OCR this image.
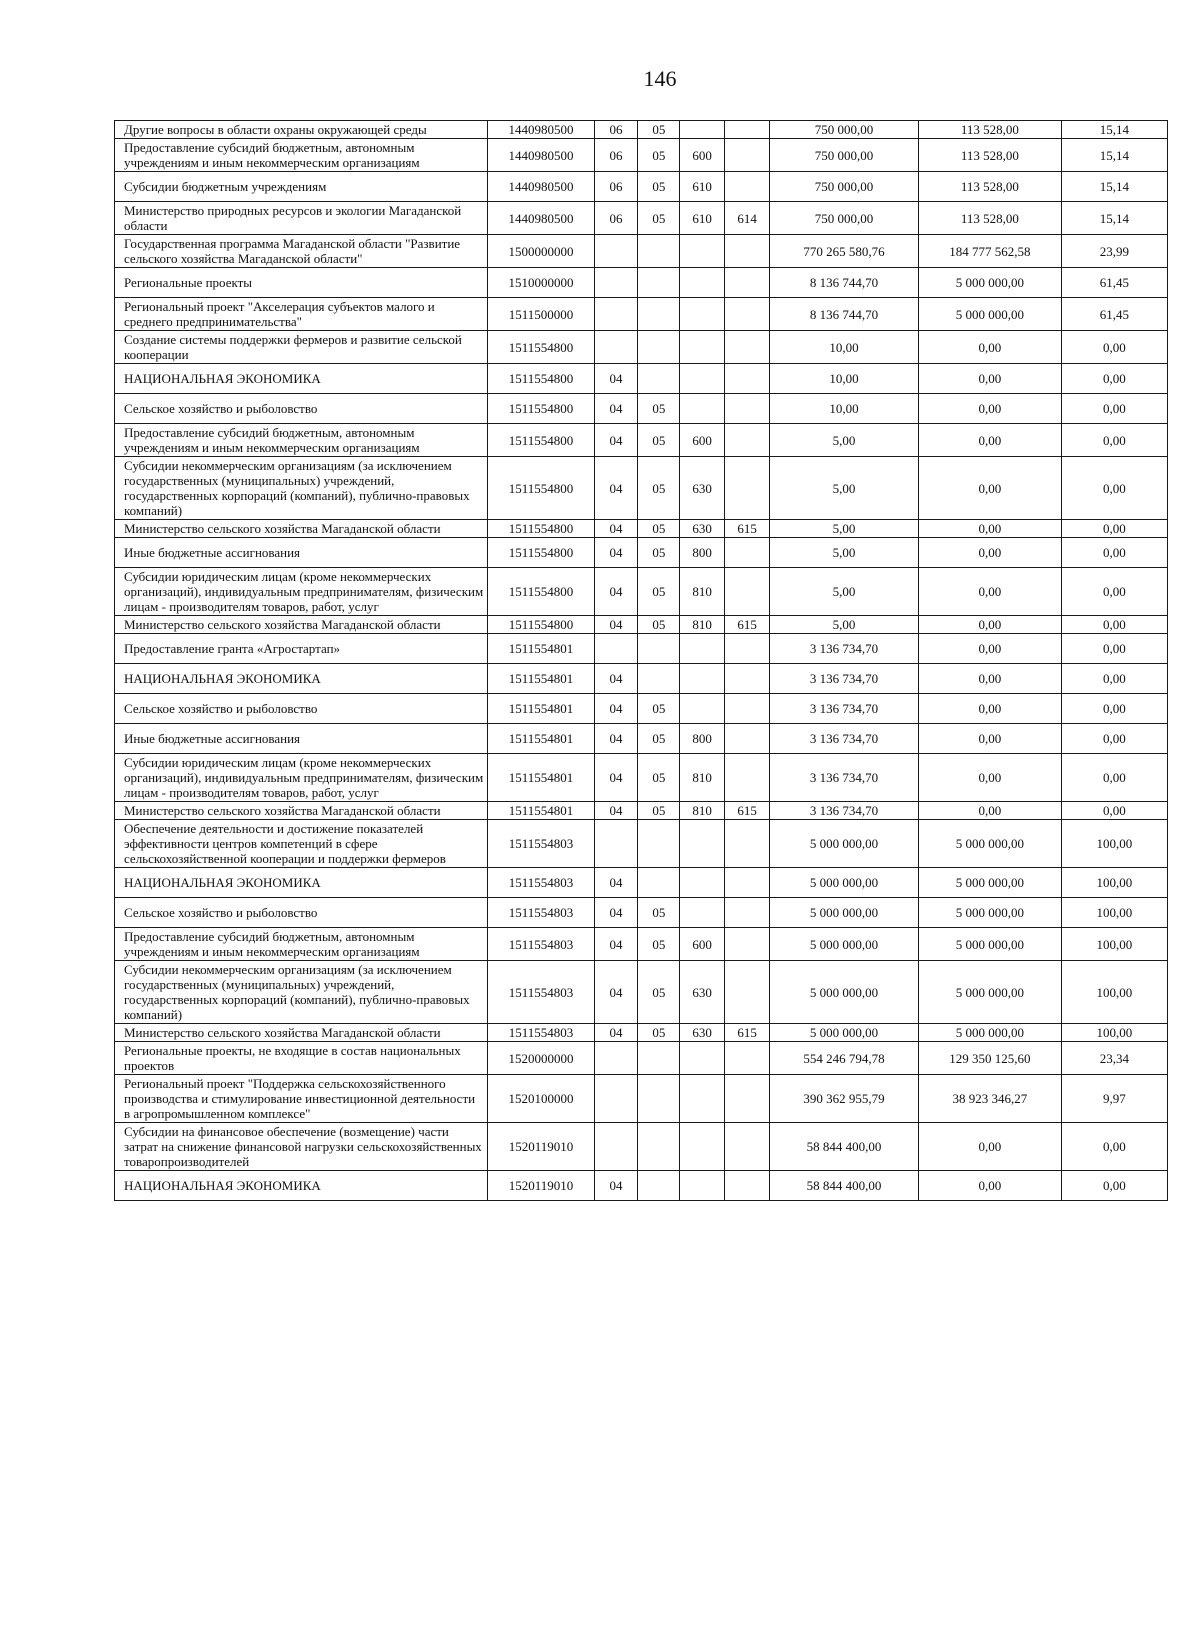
146
Другие вопросы в области охраны окружающей среды	1440980500	06	05			750 000,00	113 528,00	15,14
Предоставление субсидий бюджетным, автономным учреждениям и иным некоммерческим организациям	1440980500	06	05	600		750 000,00	113 528,00	15,14
Субсидии бюджетным учреждениям	1440980500	06	05	610		750 000,00	113 528,00	15,14
Министерство природных ресурсов и экологии Магаданской области	1440980500	06	05	610	614	750 000,00	113 528,00	15,14
Государственная программа Магаданской области "Развитие сельского хозяйства Магаданской области"	1500000000					770 265 580,76	184 777 562,58	23,99
Региональные проекты	1510000000					8 136 744,70	5 000 000,00	61,45
Региональный проект "Акселерация субъектов малого и среднего предпринимательства"	1511500000					8 136 744,70	5 000 000,00	61,45
Создание системы поддержки фермеров и развитие сельской кооперации	1511554800					10,00	0,00	0,00
НАЦИОНАЛЬНАЯ ЭКОНОМИКА	1511554800	04				10,00	0,00	0,00
Сельское хозяйство и рыболовство	1511554800	04	05			10,00	0,00	0,00
Предоставление субсидий бюджетным, автономным учреждениям и иным некоммерческим организациям	1511554800	04	05	600		5,00	0,00	0,00
Субсидии некоммерческим организациям (за исключением государственных (муниципальных) учреждений, государственных корпораций (компаний), публично-правовых компаний)	1511554800	04	05	630		5,00	0,00	0,00
Министерство сельского хозяйства Магаданской области	1511554800	04	05	630	615	5,00	0,00	0,00
Иные бюджетные ассигнования	1511554800	04	05	800		5,00	0,00	0,00
Субсидии юридическим лицам (кроме некоммерческих организаций), индивидуальным предпринимателям, физическим лицам - производителям товаров, работ, услуг	1511554800	04	05	810		5,00	0,00	0,00
Министерство сельского хозяйства Магаданской области	1511554800	04	05	810	615	5,00	0,00	0,00
Предоставление гранта «Агростартап»	1511554801					3 136 734,70	0,00	0,00
НАЦИОНАЛЬНАЯ ЭКОНОМИКА	1511554801	04				3 136 734,70	0,00	0,00
Сельское хозяйство и рыболовство	1511554801	04	05			3 136 734,70	0,00	0,00
Иные бюджетные ассигнования	1511554801	04	05	800		3 136 734,70	0,00	0,00
Субсидии юридическим лицам (кроме некоммерческих организаций), индивидуальным предпринимателям, физическим лицам - производителям товаров, работ, услуг	1511554801	04	05	810		3 136 734,70	0,00	0,00
Министерство сельского хозяйства Магаданской области	1511554801	04	05	810	615	3 136 734,70	0,00	0,00
Обеспечение деятельности и достижение показателей эффективности центров компетенций в сфере сельскохозяйственной кооперации и поддержки фермеров	1511554803					5 000 000,00	5 000 000,00	100,00
НАЦИОНАЛЬНАЯ ЭКОНОМИКА	1511554803	04				5 000 000,00	5 000 000,00	100,00
Сельское хозяйство и рыболовство	1511554803	04	05			5 000 000,00	5 000 000,00	100,00
Предоставление субсидий бюджетным, автономным учреждениям и иным некоммерческим организациям	1511554803	04	05	600		5 000 000,00	5 000 000,00	100,00
Субсидии некоммерческим организациям (за исключением государственных (муниципальных) учреждений, государственных корпораций (компаний), публично-правовых компаний)	1511554803	04	05	630		5 000 000,00	5 000 000,00	100,00
Министерство сельского хозяйства Магаданской области	1511554803	04	05	630	615	5 000 000,00	5 000 000,00	100,00
Региональные проекты, не входящие в состав национальных проектов	1520000000					554 246 794,78	129 350 125,60	23,34
Региональный проект "Поддержка сельскохозяйственного производства и стимулирование инвестиционной деятельности в агропромышленном комплексе"	1520100000					390 362 955,79	38 923 346,27	9,97
Субсидии на финансовое обеспечение (возмещение) части затрат на снижение финансовой нагрузки сельскохозяйственных товаропроизводителей	1520119010					58 844 400,00	0,00	0,00
НАЦИОНАЛЬНАЯ ЭКОНОМИКА	1520119010	04				58 844 400,00	0,00	0,00
